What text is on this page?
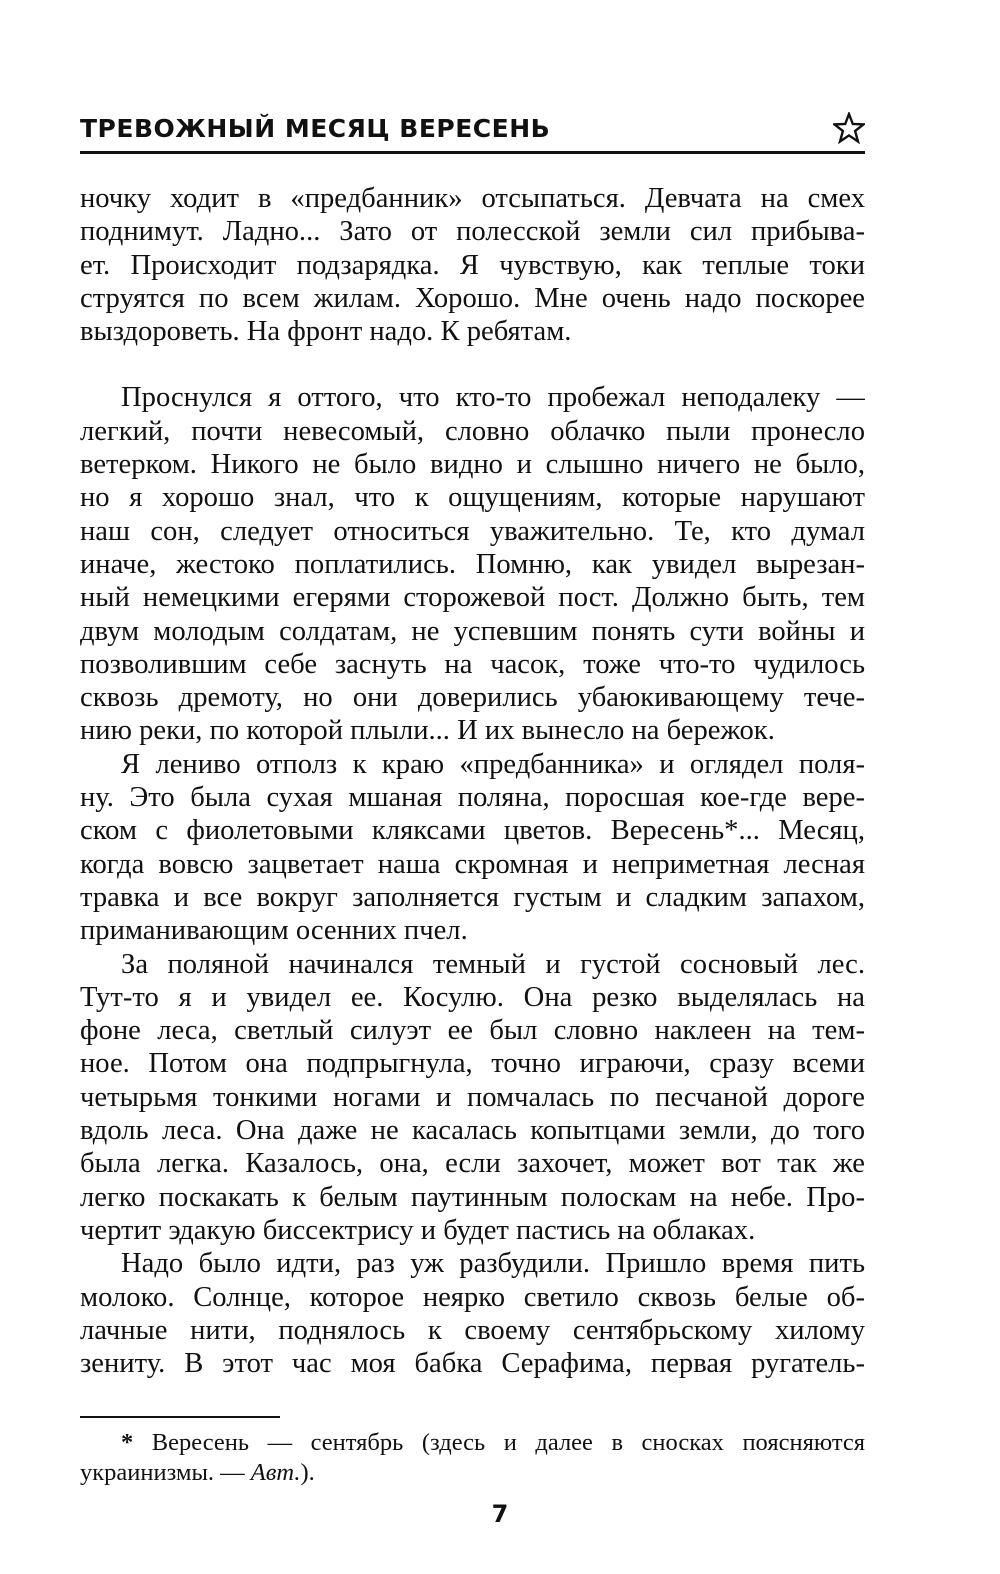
ТРЕВОЖНЫЙ МЕСЯЦ ВЕРЕСЕНЬ

ночку ходит в «предбанник» отсыпаться. Девчата на смех
поднимут. Ладно... Зато от полесской земли сил прибыва-
ет. Происходит подзарядка. Я чувствую, как теплые токи
струятся по всем жилам. Хорошо. Мне очень надо поскорее
выздороветь. На фронт надо. К ребятам.

Проснулся я оттого, что кто-то пробежал неподалеку —
легкий, почти невесомый, словно облачко пыли пронесло
ветерком. Никого не было видно и слышно ничего не было,
но я хорошо знал, что к ощущениям, которые нарушают
наш сон, следует относиться уважительно. Те, кто думал
иначе, жестоко поплатились. Помню, как увидел вырезан-
ный немецкими егерями сторожевой пост. Должно быть, тем
двум молодым солдатам, не успевшим понять сути войны и
позволившим себе заснуть на часок, тоже что-то чудилось
сквозь дремоту, но они доверились убаюкивающему тече-
нию реки, по которой плыли... И их вынесло на бережок.

Я лениво отполз к краю «предбанника» и оглядел поля-
ну. Это была сухая мшаная поляна, поросшая кое-где вере-
ском с фиолетовыми кляксами цветов. Вересень*... Месяц,
когда вовсю зацветает наша скромная и неприметная лесная
травка и все вокруг заполняется густым и сладким запахом,
приманивающим осенних пчел.

За поляной начинался темный и густой сосновый лес.
Тут-то я и увидел ее. Косулю. Она резко выделялась на
фоне леса, светлый силуэт ее был словно наклеен на тем-
ное. Потом она подпрыгнула, точно играючи, сразу всеми
четырьмя тонкими ногами и помчалась по песчаной дороге
вдоль леса. Она даже не касалась копытцами земли, до того
была легка. Казалось, она, если захочет, может вот так же
легко поскакать к белым паутинным полоскам на небе. Про-
чертит эдакую биссектрису и будет пастись на облаках.

Надо было идти, раз уж разбудили. Пришло время пить
молоко. Солнце, которое неярко светило сквозь белые об-
лачные нити, поднялось к своему сентябрьскому хилому
зениту. В этот час моя бабка Серафима, первая ругатель-

* Вересень — сентябрь (здесь и далее в сносках поясняются
украинизмы. — Авт.).
7
